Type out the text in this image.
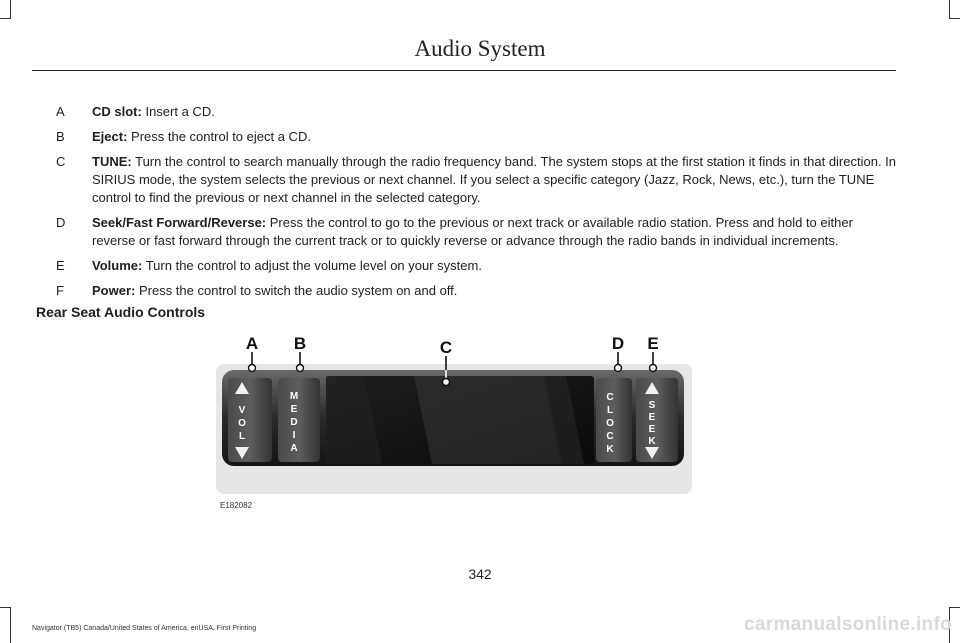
Audio System
A	CD slot: Insert a CD.
B	Eject: Press the control to eject a CD.
C	TUNE: Turn the control to search manually through the radio frequency band. The system stops at the first station it finds in that direction. In SIRIUS mode, the system selects the previous or next channel. If you select a specific category (Jazz, Rock, News, etc.), turn the TUNE control to find the previous or next channel in the selected category.
D	Seek/Fast Forward/Reverse: Press the control to go to the previous or next track or available radio station. Press and hold to either reverse or fast forward through the current track or to quickly reverse or advance through the radio bands in individual increments.
E	Volume: Turn the control to adjust the volume level on your system.
F	Power: Press the control to switch the audio system on and off.
Rear Seat Audio Controls
V
O
L
M
E
D
I
A
C
L
O
C
K
S
E
E
K
A B	C	D E
E182082
342
Navigator (TB5) Canada/United States of America, enUSA, First Printing	carmanualsonline.info
